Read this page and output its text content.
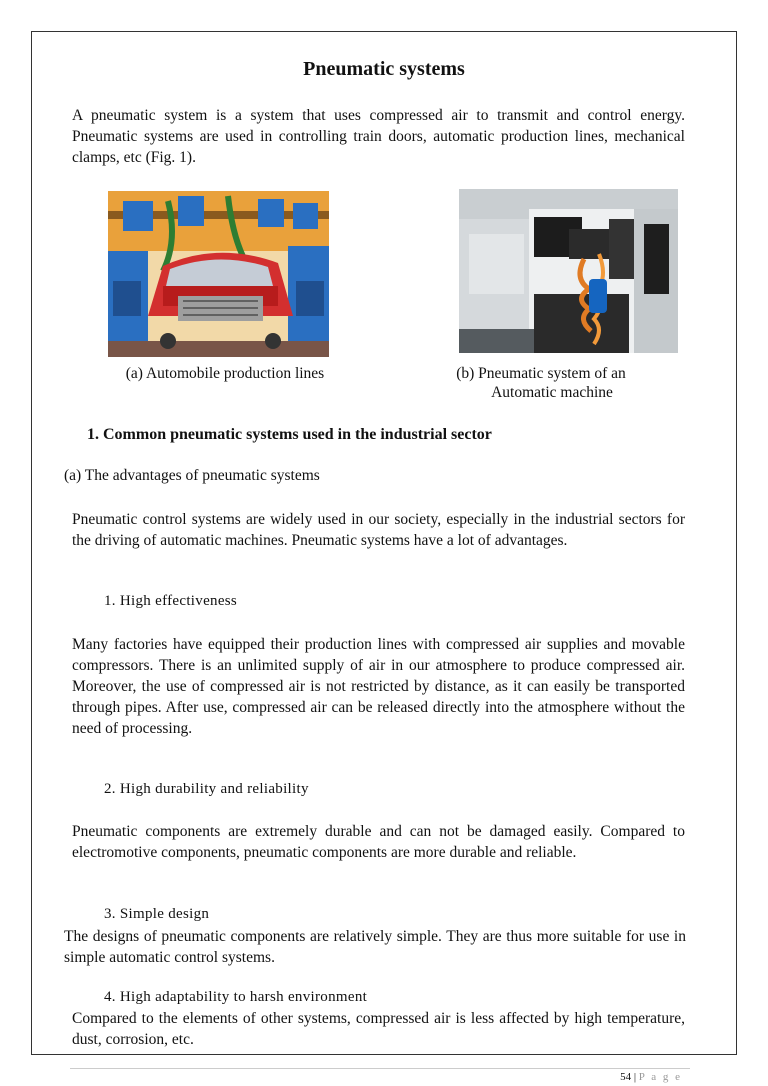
Pneumatic systems
A pneumatic system is a system that uses compressed air to transmit and control energy. Pneumatic systems are used in controlling train doors, automatic production lines, mechanical clamps, etc (Fig. 1).
(a) Automobile production lines	(b) Pneumatic system of an
Automatic machine
1. Common pneumatic systems used in the industrial sector
(a) The advantages of pneumatic systems
Pneumatic control systems are widely used in our society, especially in the industrial sectors for the driving of automatic machines. Pneumatic systems have a lot of advantages.
1. High effectiveness
Many factories have equipped their production lines with compressed air supplies and movable compressors. There is an unlimited supply of air in our atmosphere to produce compressed air. Moreover, the use of compressed air is not restricted by distance, as it can easily be transported through pipes. After use, compressed air can be released directly into the atmosphere without the need of processing.
2. High durability and reliability
Pneumatic components are extremely durable and can not be damaged easily. Compared to electromotive components, pneumatic components are more durable and reliable.
3. Simple design
The designs of pneumatic components are relatively simple. They are thus more suitable for use in simple automatic control systems.
4. High adaptability to harsh environment
Compared to the elements of other systems, compressed air is less affected by high temperature, dust, corrosion, etc.
54 | P a g e
